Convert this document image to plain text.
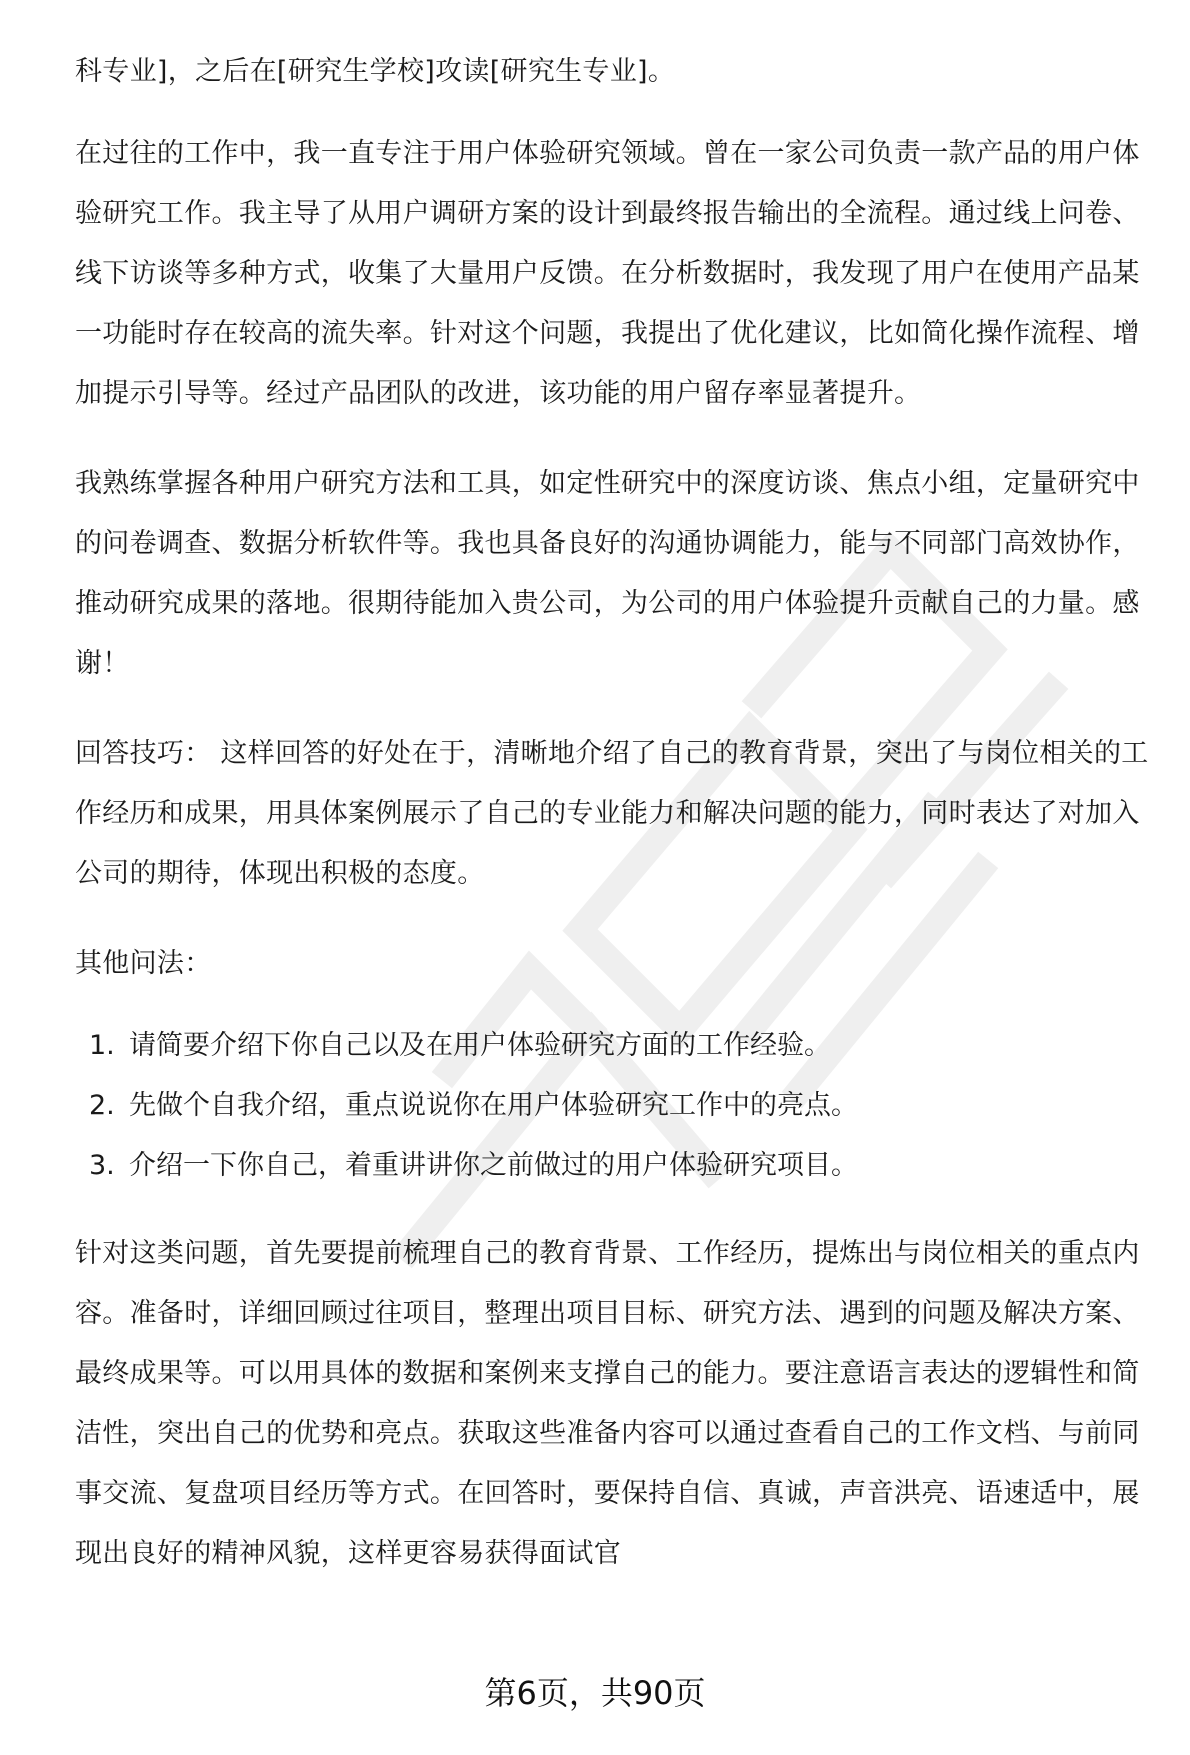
科专业]，之后在[研究生学校]攻读[研究生专业]。

在过往的工作中，我一直专注于用户体验研究领域。曾在一家公司负责一款产品的用户体验研究工作。我主导了从用户调研方案的设计到最终报告输出的全流程。通过线上问卷、线下访谈等多种方式，收集了大量用户反馈。在分析数据时，我发现了用户在使用产品某一功能时存在较高的流失率。针对这个问题，我提出了优化建议，比如简化操作流程、增加提示引导等。经过产品团队的改进，该功能的用户留存率显著提升。

我熟练掌握各种用户研究方法和工具，如定性研究中的深度访谈、焦点小组，定量研究中的问卷调查、数据分析软件等。我也具备良好的沟通协调能力，能与不同部门高效协作，推动研究成果的落地。很期待能加入贵公司，为公司的用户体验提升贡献自己的力量。感谢！

回答技巧： 这样回答的好处在于，清晰地介绍了自己的教育背景，突出了与岗位相关的工作经历和成果，用具体案例展示了自己的专业能力和解决问题的能力，同时表达了对加入公司的期待，体现出积极的态度。

其他问法：

1. 请简要介绍下你自己以及在用户体验研究方面的工作经验。
2. 先做个自我介绍，重点说说你在用户体验研究工作中的亮点。
3. 介绍一下你自己，着重讲讲你之前做过的用户体验研究项目。

针对这类问题，首先要提前梳理自己的教育背景、工作经历，提炼出与岗位相关的重点内容。准备时，详细回顾过往项目，整理出项目目标、研究方法、遇到的问题及解决方案、最终成果等。可以用具体的数据和案例来支撑自己的能力。要注意语言表达的逻辑性和简洁性，突出自己的优势和亮点。获取这些准备内容可以通过查看自己的工作文档、与前同事交流、复盘项目经历等方式。在回答时，要保持自信、真诚，声音洪亮、语速适中，展现出良好的精神风貌，这样更容易获得面试官

第6页，共90页
